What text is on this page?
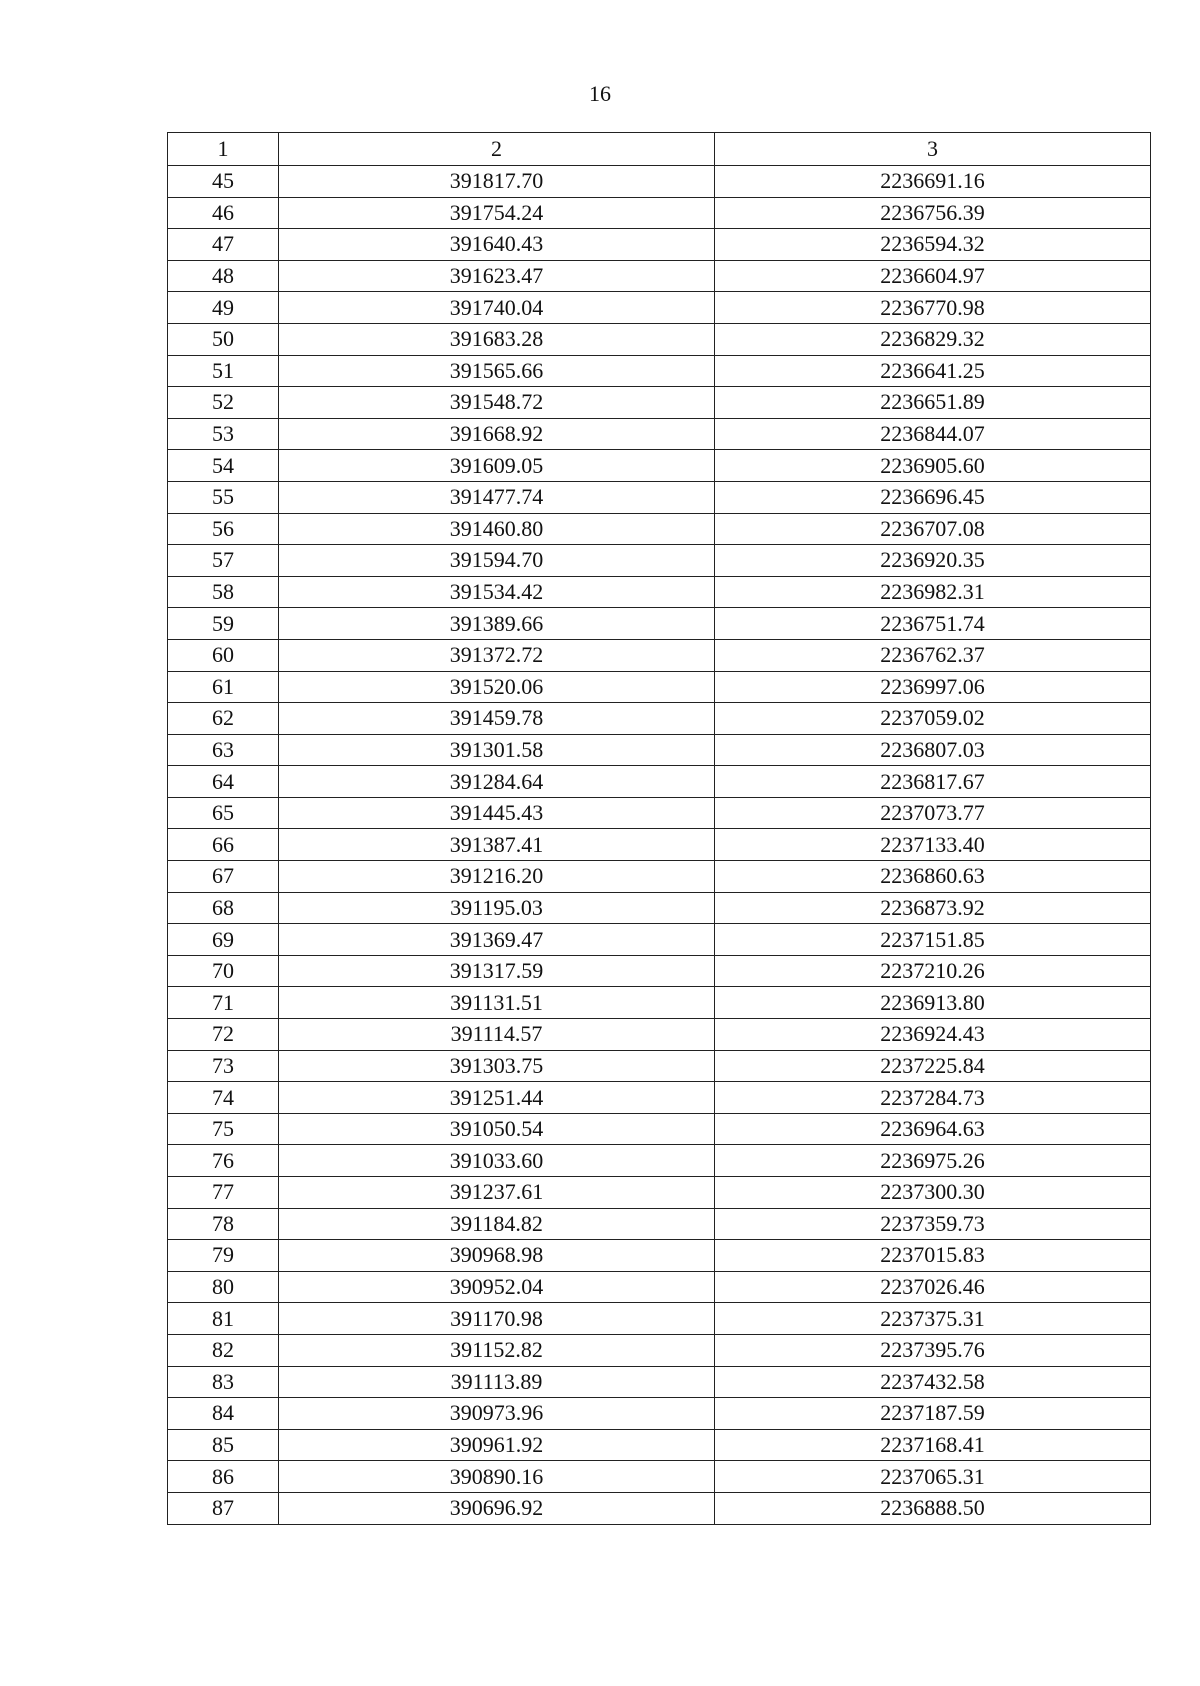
16
1	2	3
45	391817.70	2236691.16
46	391754.24	2236756.39
47	391640.43	2236594.32
48	391623.47	2236604.97
49	391740.04	2236770.98
50	391683.28	2236829.32
51	391565.66	2236641.25
52	391548.72	2236651.89
53	391668.92	2236844.07
54	391609.05	2236905.60
55	391477.74	2236696.45
56	391460.80	2236707.08
57	391594.70	2236920.35
58	391534.42	2236982.31
59	391389.66	2236751.74
60	391372.72	2236762.37
61	391520.06	2236997.06
62	391459.78	2237059.02
63	391301.58	2236807.03
64	391284.64	2236817.67
65	391445.43	2237073.77
66	391387.41	2237133.40
67	391216.20	2236860.63
68	391195.03	2236873.92
69	391369.47	2237151.85
70	391317.59	2237210.26
71	391131.51	2236913.80
72	391114.57	2236924.43
73	391303.75	2237225.84
74	391251.44	2237284.73
75	391050.54	2236964.63
76	391033.60	2236975.26
77	391237.61	2237300.30
78	391184.82	2237359.73
79	390968.98	2237015.83
80	390952.04	2237026.46
81	391170.98	2237375.31
82	391152.82	2237395.76
83	391113.89	2237432.58
84	390973.96	2237187.59
85	390961.92	2237168.41
86	390890.16	2237065.31
87	390696.92	2236888.50
